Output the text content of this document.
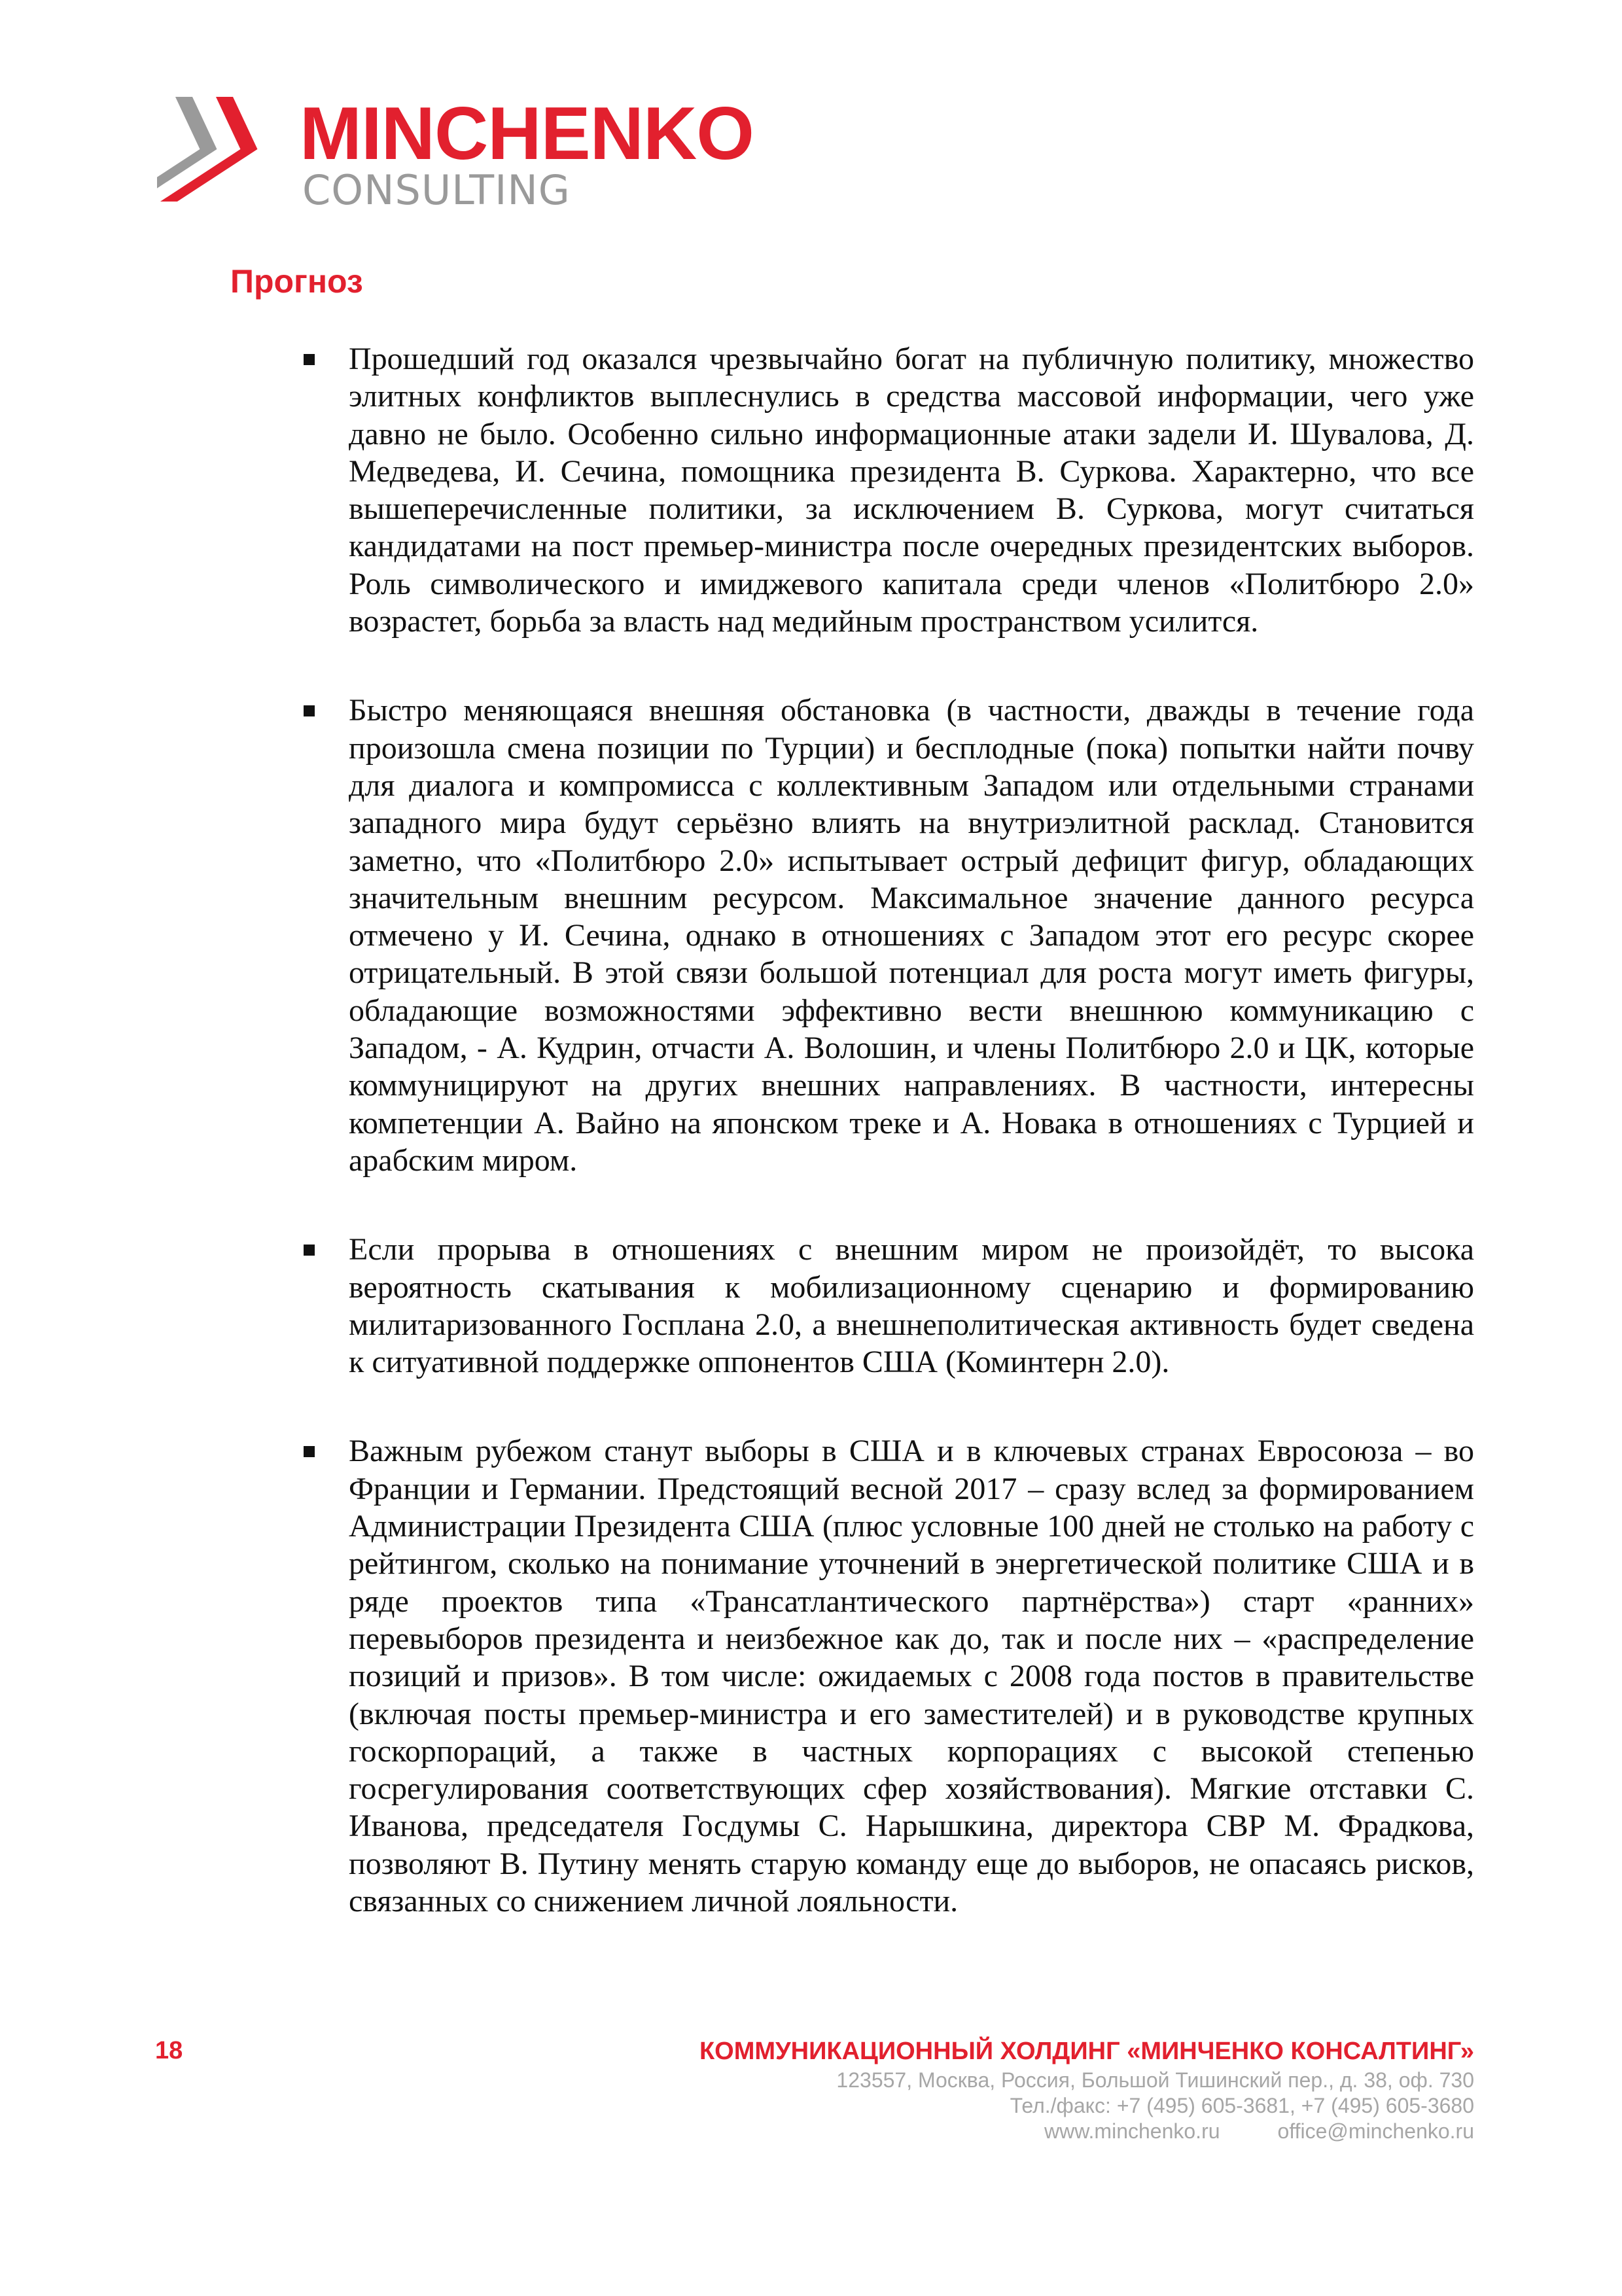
MINCHENKO
CONSULTING
Прогноз

Прошедший год оказался чрезвычайно богат на публичную политику, множество элитных конфликтов выплеснулись в средства массовой информации, чего уже давно не было. Особенно сильно информационные атаки задели И. Шувалова, Д. Медведева, И. Сечина, помощника президента В. Суркова. Характерно, что все вышеперечисленные политики, за исключением В. Суркова, могут считаться кандидатами на пост премьер-министра после очередных президентских выборов. Роль символического и имиджевого капитала среди членов «Политбюро 2.0» возрастет, борьба за власть над медийным пространством усилится.

Быстро меняющаяся внешняя обстановка (в частности, дважды в течение года произошла смена позиции по Турции) и бесплодные (пока) попытки найти почву для диалога и компромисса с коллективным Западом или отдельными странами западного мира будут серьёзно влиять на внутриэлитной расклад. Становится заметно, что «Политбюро 2.0» испытывает острый дефицит фигур, обладающих значительным внешним ресурсом. Максимальное значение данного ресурса отмечено у И. Сечина, однако в отношениях с Западом этот его ресурс скорее отрицательный. В этой связи большой потенциал для роста могут иметь фигуры, обладающие возможностями эффективно вести внешнюю коммуникацию с Западом, - А. Кудрин, отчасти А. Волошин, и члены Политбюро 2.0 и ЦК, которые коммуницируют на других внешних направлениях. В частности, интересны компетенции А. Вайно на японском треке и А. Новака в отношениях с Турцией и арабским миром.

Если прорыва в отношениях с внешним миром не произойдёт, то высока вероятность скатывания к мобилизационному сценарию и формированию милитаризованного Госплана 2.0, а внешнеполитическая активность будет сведена к ситуативной поддержке оппонентов США (Коминтерн 2.0).

Важным рубежом станут выборы в США и в ключевых странах Евросоюза – во Франции и Германии. Предстоящий весной 2017 – сразу вслед за формированием Администрации Президента США (плюс условные 100 дней не столько на работу с рейтингом, сколько на понимание уточнений в энергетической политике США и в ряде проектов типа «Трансатлантического партнёрства») старт «ранних» перевыборов президента и неизбежное как до, так и после них – «распределение позиций и призов». В том числе: ожидаемых с 2008 года постов в правительстве (включая посты премьер-министра и его заместителей) и в руководстве крупных госкорпораций, а также в частных корпорациях с высокой степенью госрегулирования соответствующих сфер хозяйствования). Мягкие отставки С. Иванова, председателя Госдумы С. Нарышкина, директора СВР М. Фрадкова, позволяют В. Путину менять старую команду еще до выборов, не опасаясь рисков, связанных со снижением личной лояльности.

18	КОММУНИКАЦИОННЫЙ ХОЛДИНГ «МИНЧЕНКО КОНСАЛТИНГ»
123557, Москва, Россия, Большой Тишинский пер., д. 38, оф. 730
Тел./факс: +7 (495) 605-3681, +7 (495) 605-3680
www.minchenko.ru	office@minchenko.ru
